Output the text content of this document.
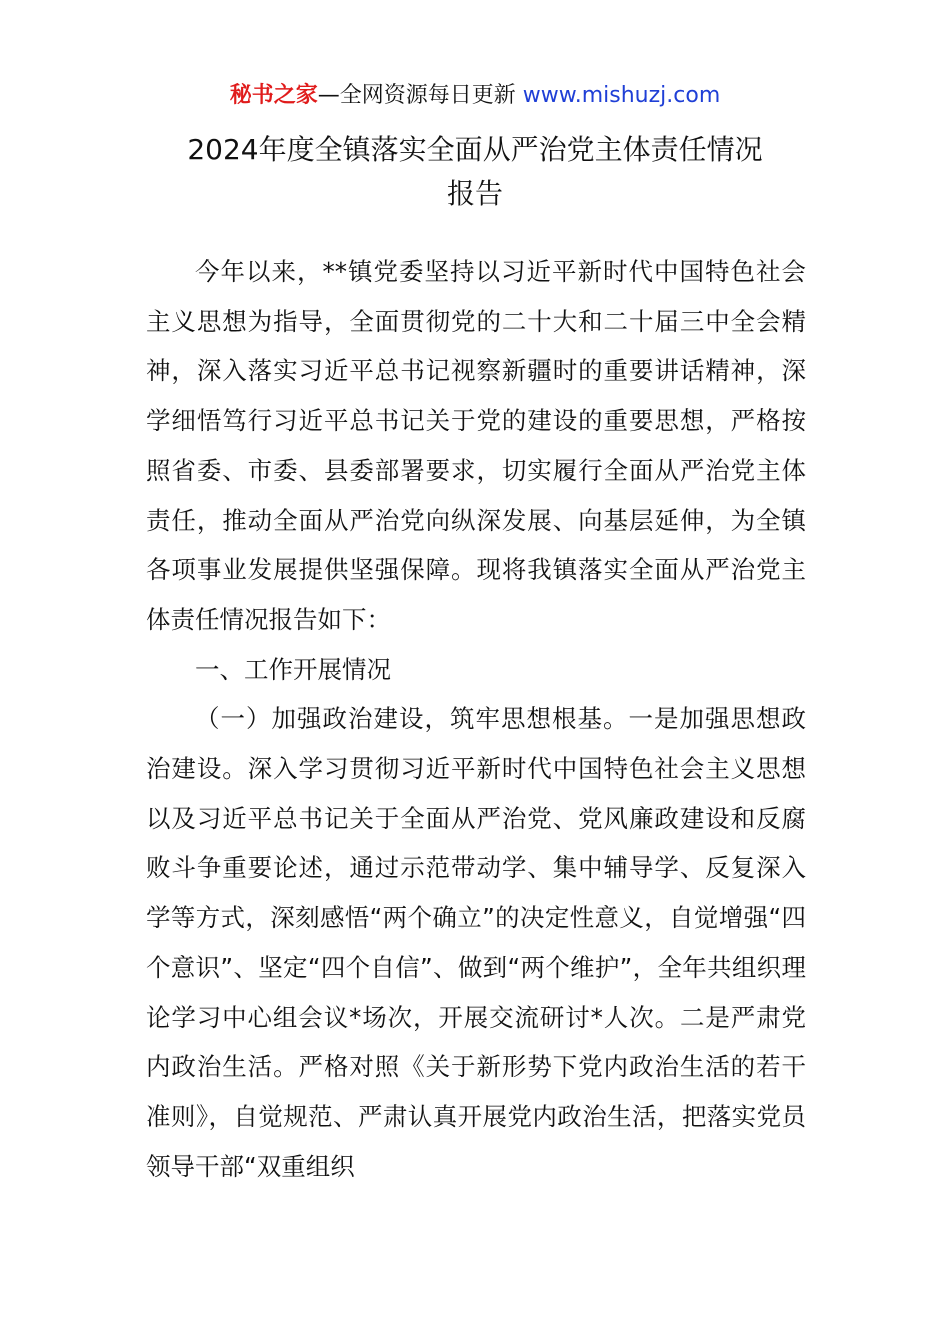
秘书之家—全网资源每日更新 www.mishuzj.com
2024年度全镇落实全面从严治党主体责任情况
报告

今年以来，**镇党委坚持以习近平新时代中国特色社会主义思想为指导，全面贯彻党的二十大和二十届三中全会精神，深入落实习近平总书记视察新疆时的重要讲话精神，深学细悟笃行习近平总书记关于党的建设的重要思想，严格按照省委、市委、县委部署要求，切实履行全面从严治党主体责任，推动全面从严治党向纵深发展、向基层延伸，为全镇各项事业发展提供坚强保障。现将我镇落实全面从严治党主体责任情况报告如下：

一、工作开展情况

（一）加强政治建设，筑牢思想根基。一是加强思想政治建设。深入学习贯彻习近平新时代中国特色社会主义思想以及习近平总书记关于全面从严治党、党风廉政建设和反腐败斗争重要论述，通过示范带动学、集中辅导学、反复深入学等方式，深刻感悟“两个确立”的决定性意义，自觉增强“四个意识”、坚定“四个自信”、做到“两个维护”，全年共组织理论学习中心组会议*场次，开展交流研讨*人次。二是严肃党内政治生活。严格对照《关于新形势下党内政治生活的若干准则》，自觉规范、严肃认真开展党内政治生活，把落实党员领导干部“双重组织
